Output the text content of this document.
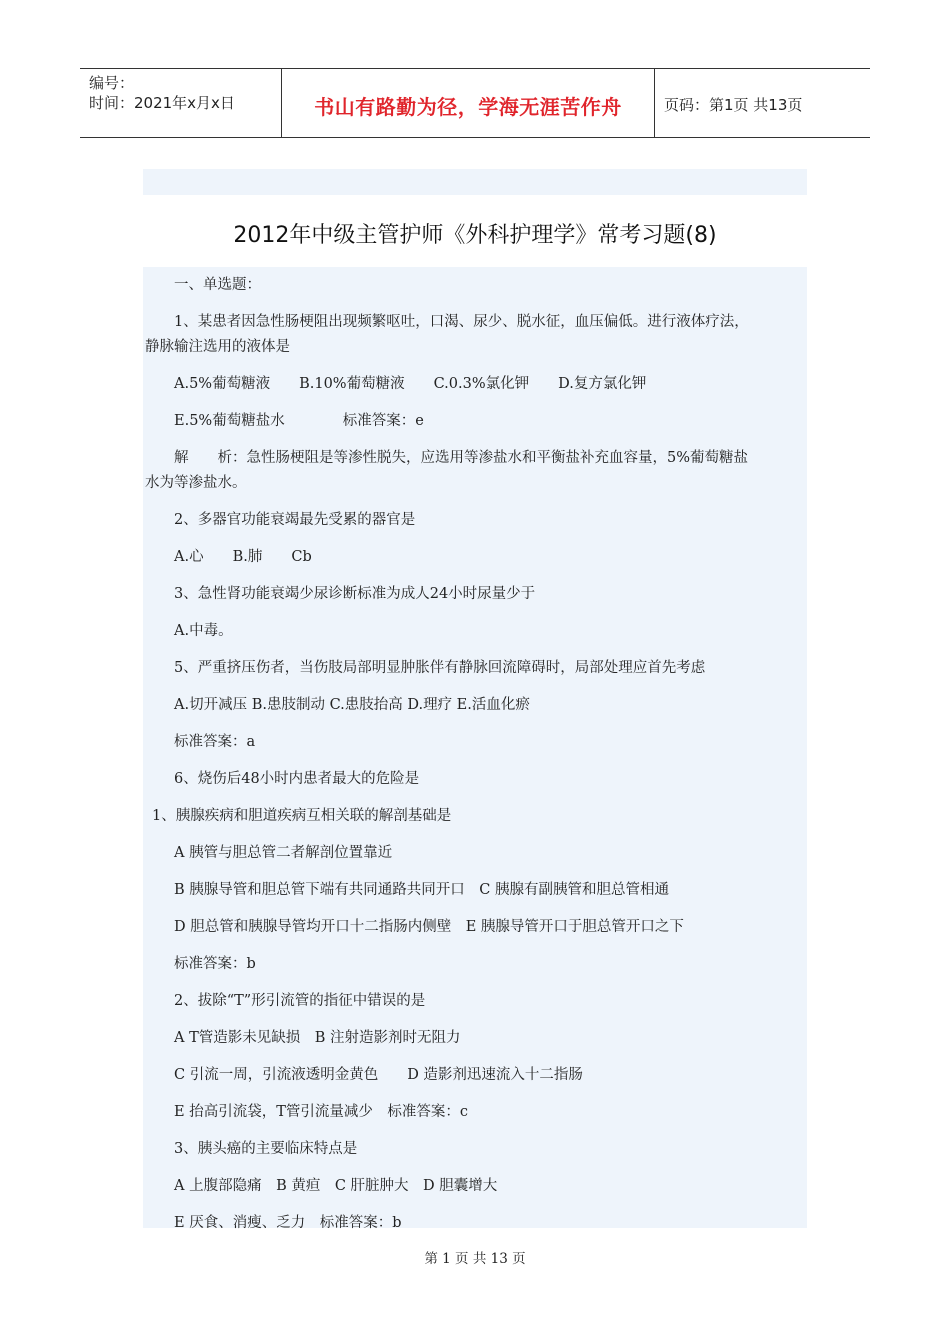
编号：
时间：2021年x月x日	书山有路勤为径，学海无涯苦作舟	页码：第1页 共13页
2012年中级主管护师《外科护理学》常考习题(8)
一、单选题：
1、某患者因急性肠梗阻出现频繁呕吐，口渴、尿少、脱水征，血压偏低。进行液体疗法，
静脉输注选用的液体是
A.5%葡萄糖液　　B.10%葡萄糖液　　C.0.3%氯化钾　　D.复方氯化钾
E.5%葡萄糖盐水　　　　标准答案：e
解　　析：急性肠梗阻是等渗性脱失，应选用等渗盐水和平衡盐补充血容量，5%葡萄糖盐
水为等渗盐水。
2、多器官功能衰竭最先受累的器官是
A.心　　B.肺　　Cb
3、急性肾功能衰竭少尿诊断标准为成人24小时尿量少于
A.中毒。
5、严重挤压伤者，当伤肢局部明显肿胀伴有静脉回流障碍时，局部处理应首先考虑
A.切开减压 B.患肢制动 C.患肢抬高 D.理疗 E.活血化瘀
标准答案：a
6、烧伤后48小时内患者最大的危险是
1、胰腺疾病和胆道疾病互相关联的解剖基础是
A 胰管与胆总管二者解剖位置靠近
B 胰腺导管和胆总管下端有共同通路共同开口　C 胰腺有副胰管和胆总管相通
D 胆总管和胰腺导管均开口十二指肠内侧壁　E 胰腺导管开口于胆总管开口之下
标准答案：b
2、拔除“T”形引流管的指征中错误的是
A T管造影未见缺损　B 注射造影剂时无阻力
C 引流一周，引流液透明金黄色　　D 造影剂迅速流入十二指肠
E 抬高引流袋，T管引流量减少　标准答案：c
3、胰头癌的主要临床特点是
A 上腹部隐痛　B 黄疸　C 肝脏肿大　D 胆囊增大
E 厌食、消瘦、乏力　标准答案：b
第 1 页 共 13 页
